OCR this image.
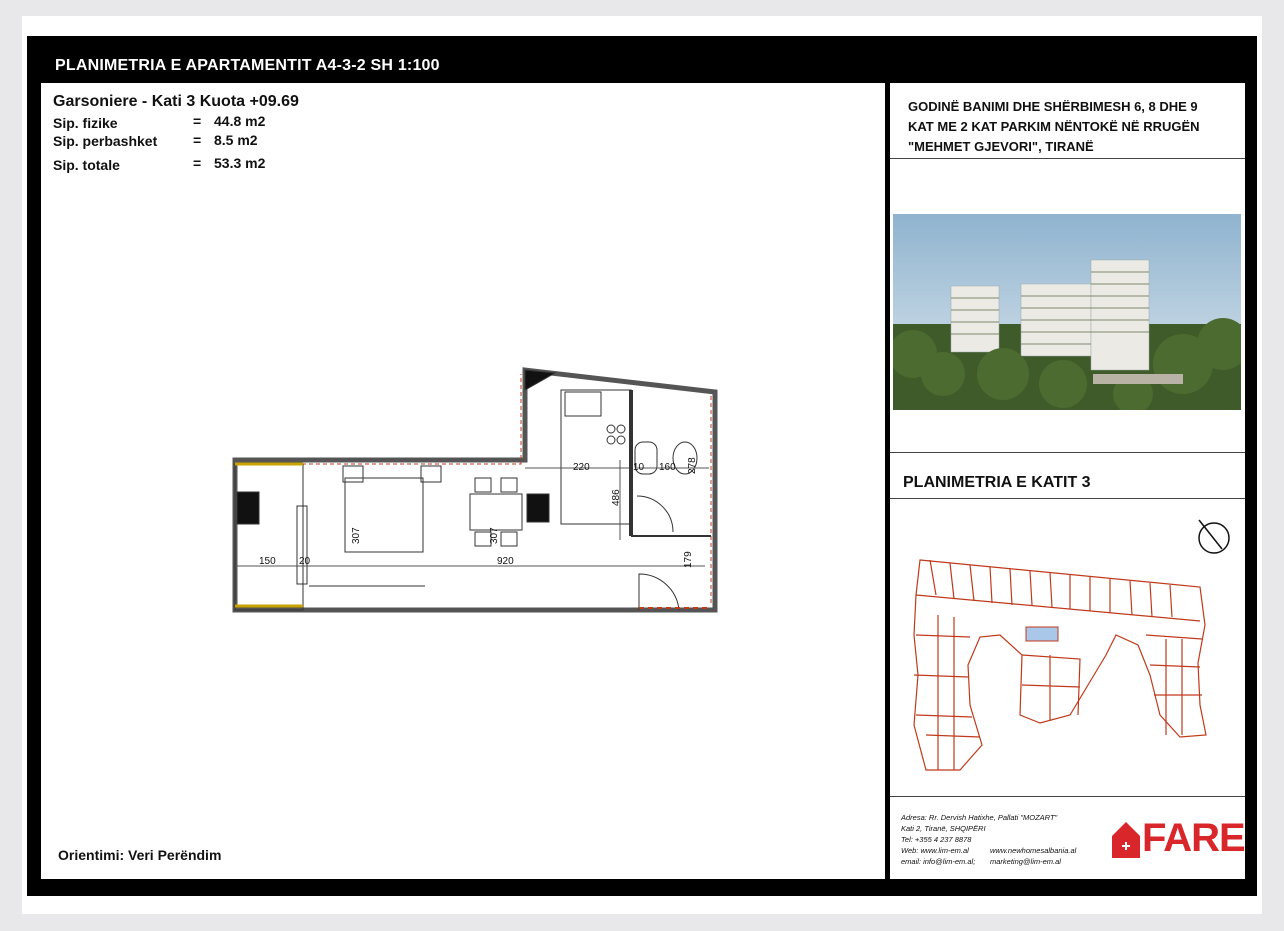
PLANIMETRIA E APARTAMENTIT A4-3-2 SH 1:100
Garsoniere - Kati 3 Kuota +09.69
Sip. fizike	= 44.8 m2
Sip. perbashket	= 8.5 m2
Sip. totale	= 53.3 m2
220	160 278
486
307	307
150 20	920	179
10
Orientimi: Veri Perëndim
GODINË BANIMI DHE SHËRBIMESH 6, 8 DHE 9
KAT ME 2 KAT PARKIM NËNTOKË NË RRUGËN
"MEHMET GJEVORI", TIRANË
PLANIMETRIA E KATIT 3
Adresa: Rr. Dervish Hatixhe, Pallati "MOZART"
Kati 2, Tiranë, SHQIPËRI
Tel: +355 4 237 8878
Web: www.lim-em.al
email: info@lim-em.al;
www.newhomesalbania.al
marketing@lim-em.al
FARE
